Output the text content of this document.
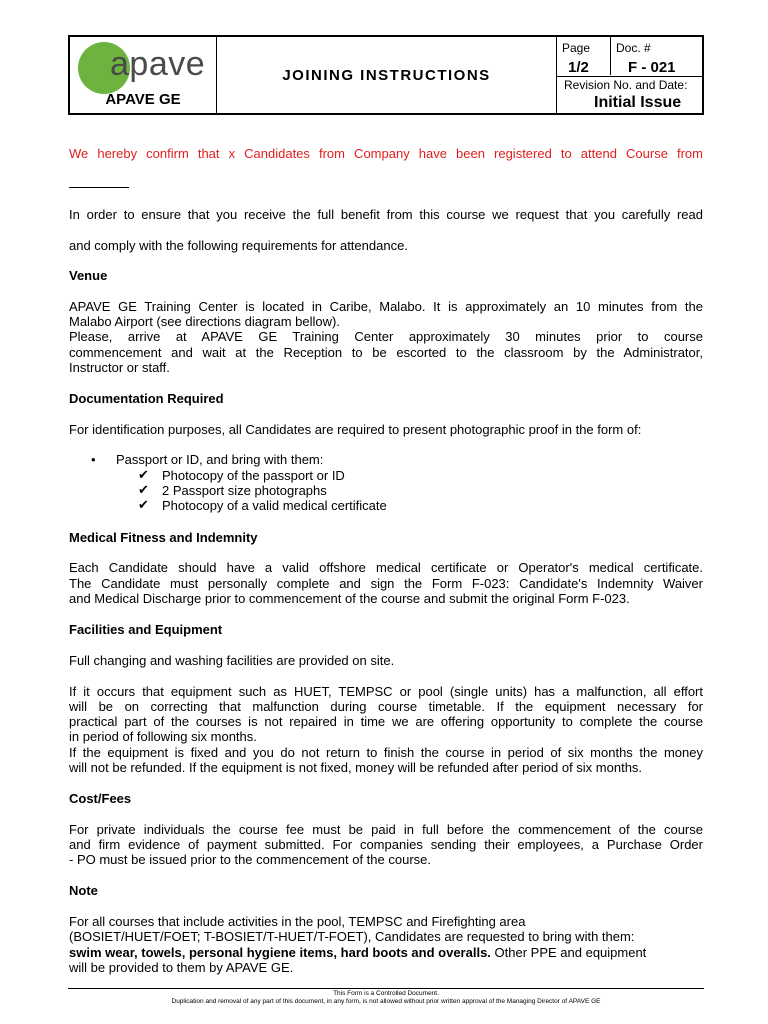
apave
APAVE GE
JOINING INSTRUCTIONS
Page
1/2
Doc. #
F - 021
Revision No. and Date:
Initial Issue
We hereby confirm that x Candidates from Company have been registered to attend Course from
In order to ensure that you receive the full benefit from this course we request that you carefully read
and comply with the following requirements for attendance.
Venue
APAVE GE Training Center is located in Caribe, Malabo. It is approximately an 10 minutes from the
Malabo Airport (see directions diagram bellow).
Please, arrive at APAVE GE Training Center approximately 30 minutes prior to course
commencement and wait at the Reception to be escorted to the classroom by the Administrator,
Instructor or staff.
Documentation Required
For identification purposes, all Candidates are required to present photographic proof in the form of:
• Passport or ID, and bring with them:
✔ Photocopy of the passport or ID
✔ 2 Passport size photographs
✔ Photocopy of a valid medical certificate
Medical Fitness and Indemnity
Each Candidate should have a valid offshore medical certificate or Operator's medical certificate.
The Candidate must personally complete and sign the Form F-023: Candidate's Indemnity Waiver
and Medical Discharge prior to commencement of the course and submit the original Form F-023.
Facilities and Equipment
Full changing and washing facilities are provided on site.
If it occurs that equipment such as HUET, TEMPSC or pool (single units) has a malfunction, all effort
will be on correcting that malfunction during course timetable. If the equipment necessary for
practical part of the courses is not repaired in time we are offering opportunity to complete the course
in period of following six months.
If the equipment is fixed and you do not return to finish the course in period of six months the money
will not be refunded. If the equipment is not fixed, money will be refunded after period of six months.
Cost/Fees
For private individuals the course fee must be paid in full before the commencement of the course
and firm evidence of payment submitted. For companies sending their employees, a Purchase Order
- PO must be issued prior to the commencement of the course.
Note
For all courses that include activities in the pool, TEMPSC and Firefighting area
(BOSIET/HUET/FOET; T-BOSIET/T-HUET/T-FOET), Candidates are requested to bring with them:
swim wear, towels, personal hygiene items, hard boots and overalls. Other PPE and equipment
will be provided to them by APAVE GE.
This Form is a Controlled Document.
Duplication and removal of any part of this document, in any form, is not allowed without prior written approval of the Managing Director of APAVE GE
